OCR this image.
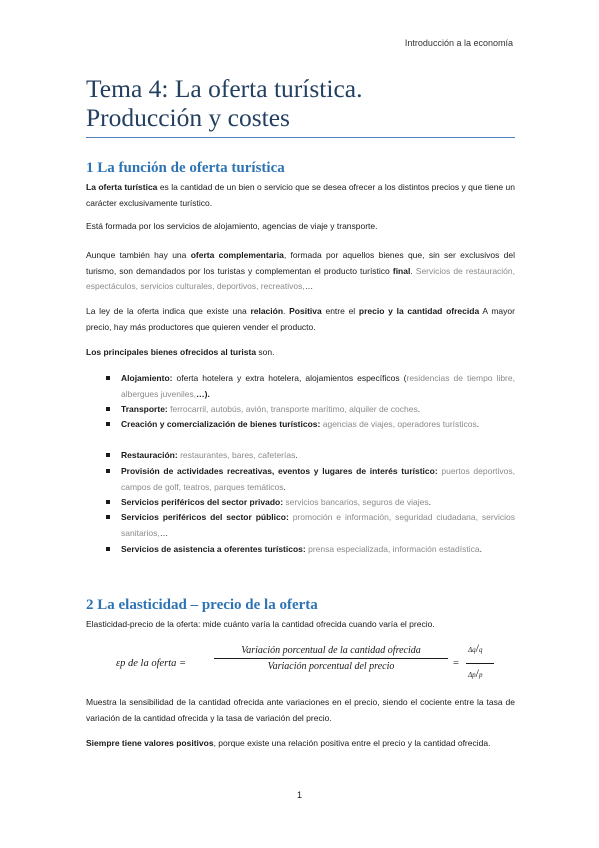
Introducción a la economía
Tema 4: La oferta turística.
Producción y costes
1 La función de oferta turística

La oferta turística es la cantidad de un bien o servicio que se desea ofrecer a los distintos precios y que tiene un carácter exclusivamente turístico.

Está formada por los servicios de alojamiento, agencias de viaje y transporte.

Aunque también hay una oferta complementaria, formada por aquellos bienes que, sin ser exclusivos del turismo, son demandados por los turistas y complementan el producto turístico final. Servicios de restauración, espectáculos, servicios culturales, deportivos, recreativos,…

La ley de la oferta indica que existe una relación. Positiva entre el precio y la cantidad ofrecida A mayor precio, hay más productores que quieren vender el producto.

Los principales bienes ofrecidos al turista son.

Alojamiento: oferta hotelera y extra hotelera, alojamientos específicos (residencias de tiempo libre, albergues juveniles,…).
Transporte: ferrocarril, autobús, avión, transporte marítimo, alquiler de coches.
Creación y comercialización de bienes turísticos: agencias de viajes, operadores turísticos.
Restauración: restaurantes, bares, cafeterías.
Provisión de actividades recreativas, eventos y lugares de interés turístico: puertos deportivos, campos de golf, teatros, parques temáticos.
Servicios periféricos del sector privado: servicios bancarios, seguros de viajes.
Servicios periféricos del sector público: promoción e información, seguridad ciudadana, servicios sanitarios,…
Servicios de asistencia a oferentes turísticos: prensa especializada, información estadística.
2 La elasticidad – precio de la oferta

Elasticidad-precio de la oferta: mide cuánto varía la cantidad ofrecida cuando varía el precio.

εp de la oferta =
Variación porcentual de la cantidad ofrecida
Variación porcentual del precio	=
Δq/q
Δp/p

Muestra la sensibilidad de la cantidad ofrecida ante variaciones en el precio, siendo el cociente entre la tasa de variación de la cantidad ofrecida y la tasa de variación del precio.

Siempre tiene valores positivos, porque existe una relación positiva entre el precio y la cantidad ofrecida.

1
